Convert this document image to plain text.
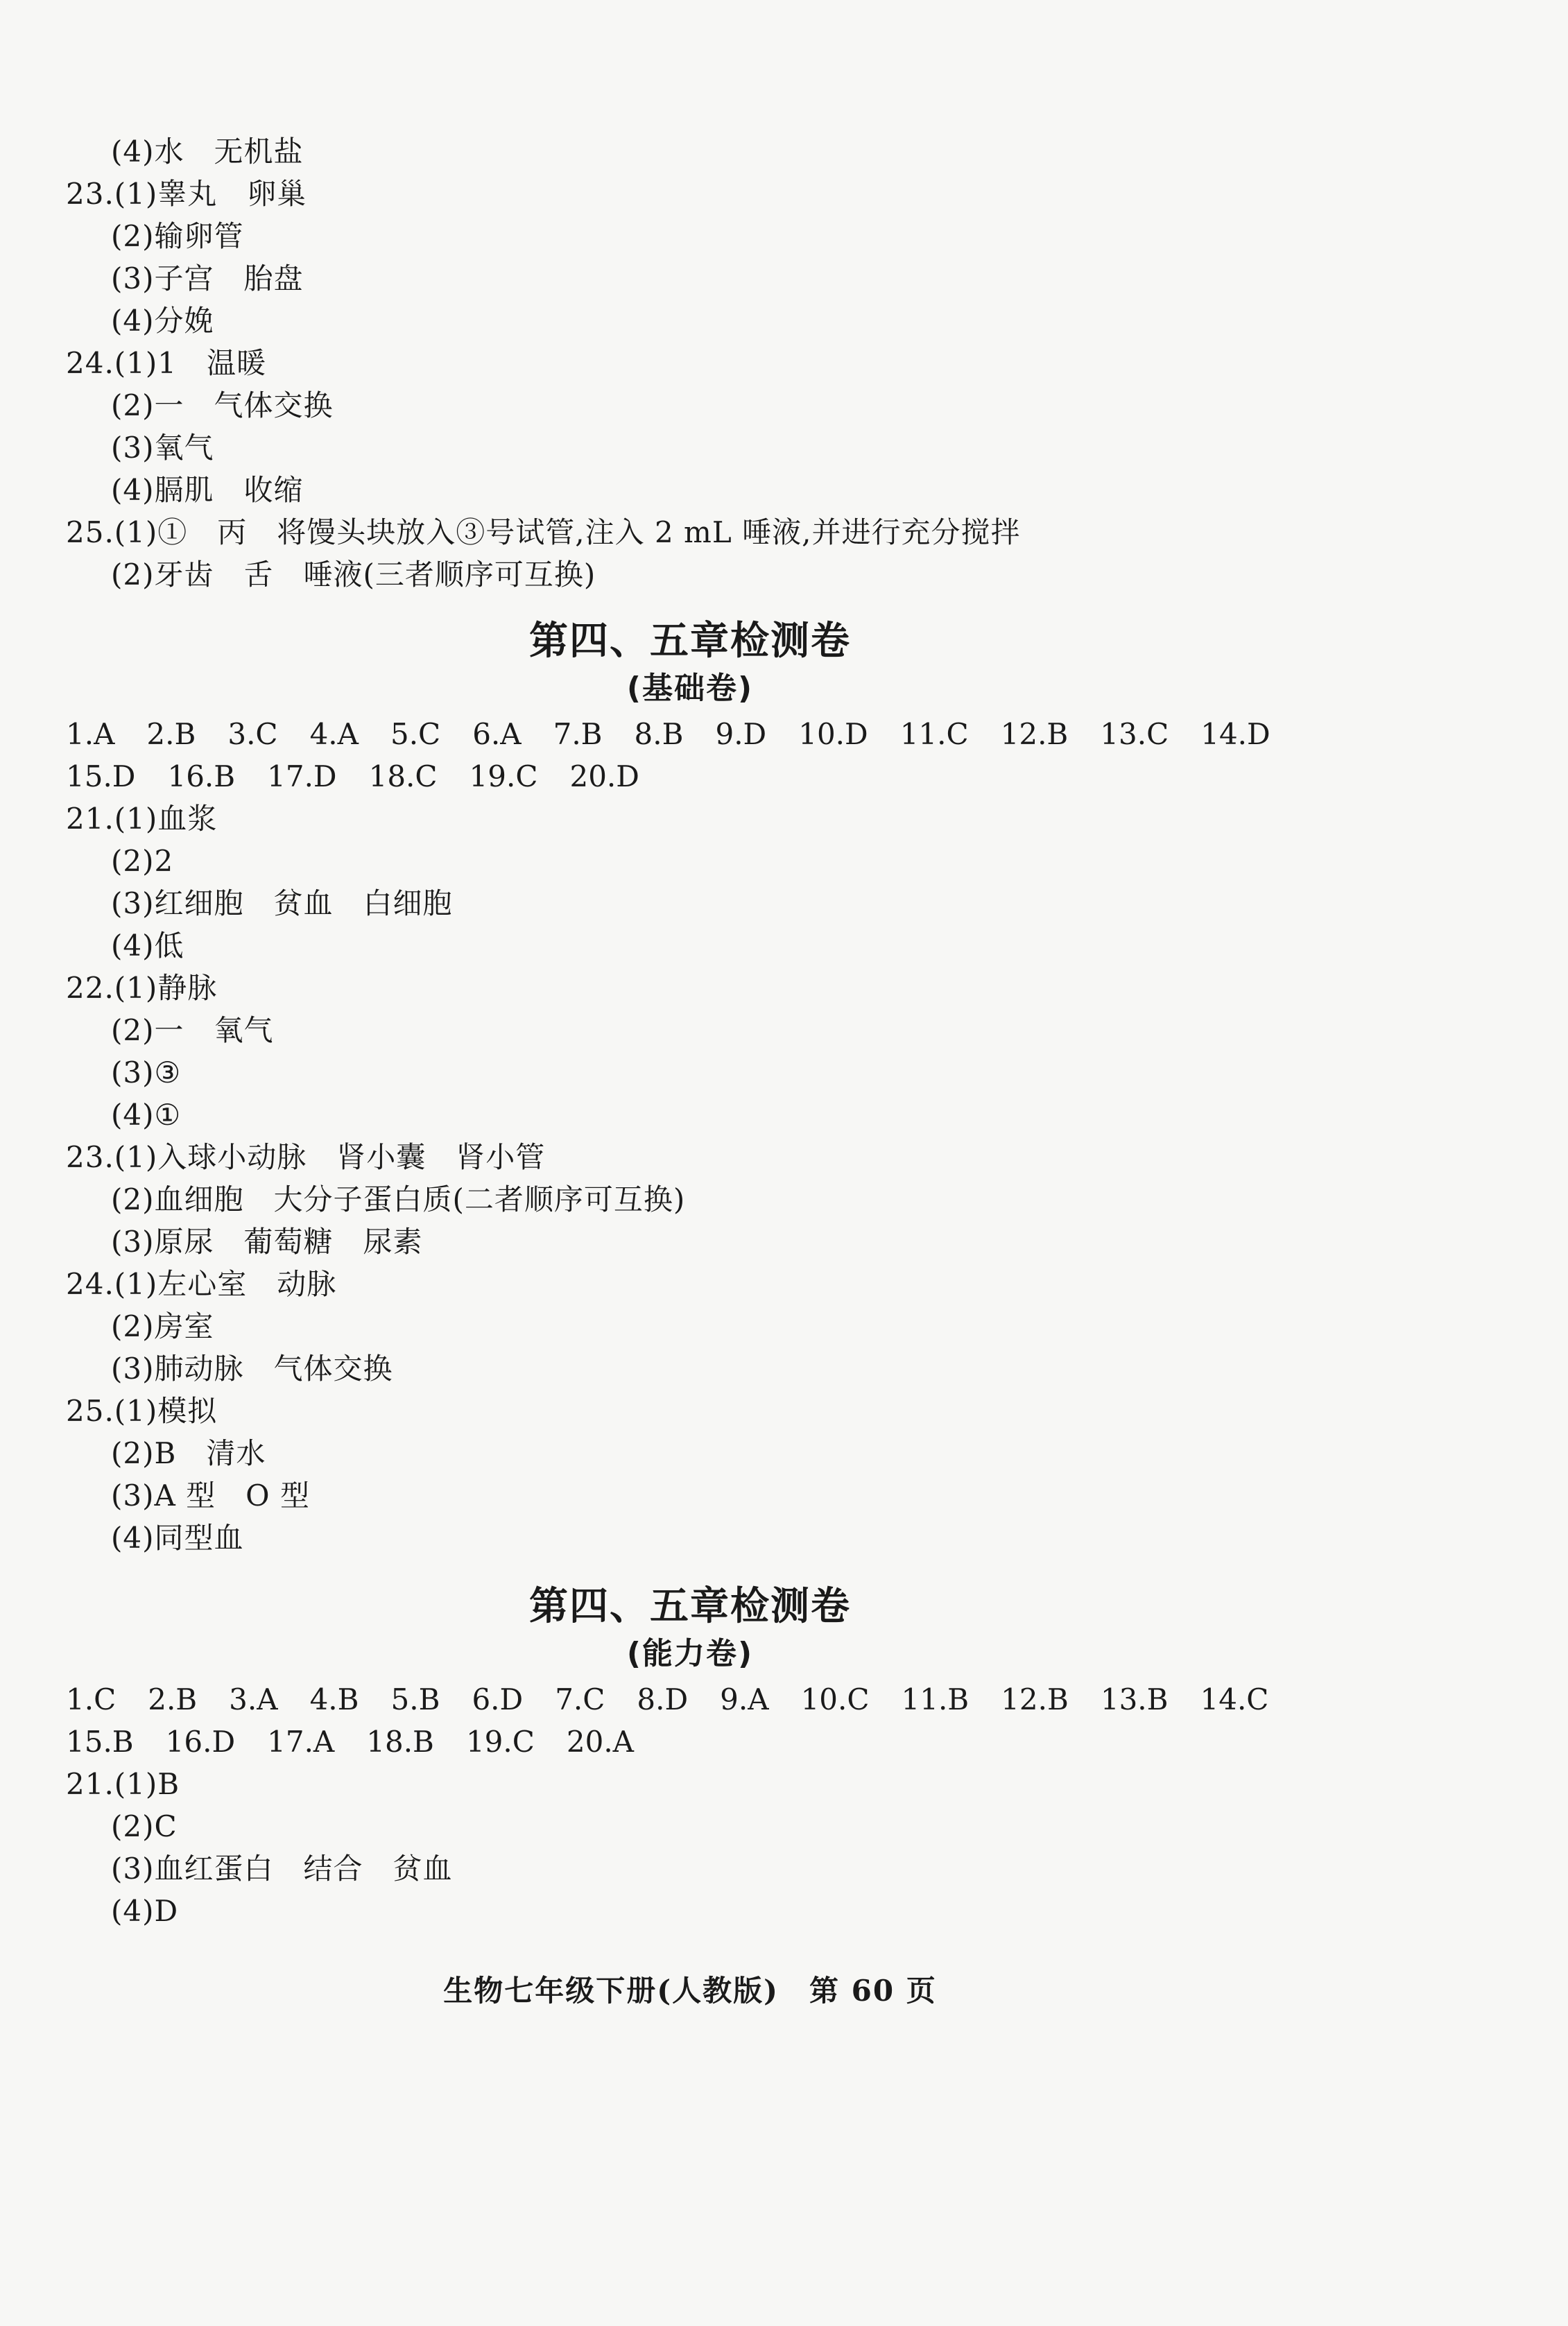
(4)水　无机盐
23.(1)睾丸　卵巢
(2)输卵管
(3)子宫　胎盘
(4)分娩
24.(1)1　温暖
(2)一　气体交换
(3)氧气
(4)膈肌　收缩
25.(1)①　丙　将馒头块放入③号试管,注入 2 mL 唾液,并进行充分搅拌
(2)牙齿　舌　唾液(三者顺序可互换)
第四、五章检测卷
(基础卷)
1.A 2.B 3.C 4.A 5.C 6.A 7.B 8.B 9.D 10.D 11.C 12.B 13.C 14.D
15.D 16.B 17.D 18.C 19.C 20.D
21.(1)血浆
(2)2
(3)红细胞　贫血　白细胞
(4)低
22.(1)静脉
(2)一　氧气
(3)③
(4)①
23.(1)入球小动脉　肾小囊　肾小管
(2)血细胞　大分子蛋白质(二者顺序可互换)
(3)原尿　葡萄糖　尿素
24.(1)左心室　动脉
(2)房室
(3)肺动脉　气体交换
25.(1)模拟
(2)B　清水
(3)A 型　O 型
(4)同型血
第四、五章检测卷
(能力卷)
1.C 2.B 3.A 4.B 5.B 6.D 7.C 8.D 9.A 10.C 11.B 12.B 13.B 14.C
15.B 16.D 17.A 18.B 19.C 20.A
21.(1)B
(2)C
(3)血红蛋白　结合　贫血
(4)D
生物七年级下册(人教版)　第 60 页
